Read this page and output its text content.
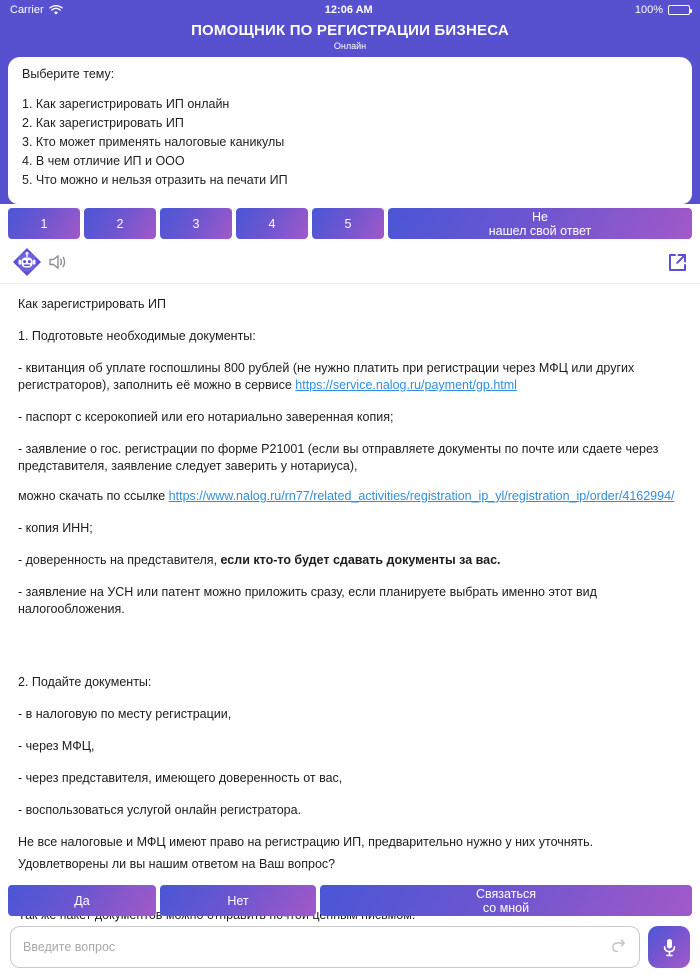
Carrier	12:06 AM	100%
ПОМОЩНИК ПО РЕГИСТРАЦИИ БИЗНЕСА
Онлайн
Выберите тему:
1. Как зарегистрировать ИП онлайн
2. Как зарегистрировать ИП
3. Кто может применять налоговые каникулы
4. В чем отличие ИП и ООО
5. Что можно и нельзя отразить на печати ИП
1	2	3	4	5	Не
нашел свой ответ

Как зарегистрировать ИП

1. Подготовьте необходимые документы:

- квитанция об уплате госпошлины 800 рублей (не нужно платить при регистрации через МФЦ или других регистраторов), заполнить её можно в сервисе https://service.nalog.ru/payment/gp.html

- паспорт с ксерокопией или его нотариально заверенная копия;

- заявление о гос. регистрации по форме Р21001 (если вы отправляете документы по почте или сдаете через представителя, заявление следует заверить у нотариуса),

можно скачать по ссылке https://www.nalog.ru/rn77/related_activities/registration_ip_yl/registration_ip/order/4162994/

- копия ИНН;

- доверенность на представителя, если кто-то будет сдавать документы за вас.

- заявление на УСН или патент можно приложить сразу, если планируете выбрать именно этот вид налогообложения.

2. Подайте документы:

- в налоговую по месту регистрации,

- через МФЦ,

- через представителя, имеющего доверенность от вас,

- воспользоваться услугой онлайн регистратора.

Не все налоговые и МФЦ имеют право на регистрацию ИП, предварительно нужно у них уточнять.

Удовлетворены ли вы нашим ответом на Ваш вопрос?
Да	Нет	Связаться
со мной
Введите вопрос
